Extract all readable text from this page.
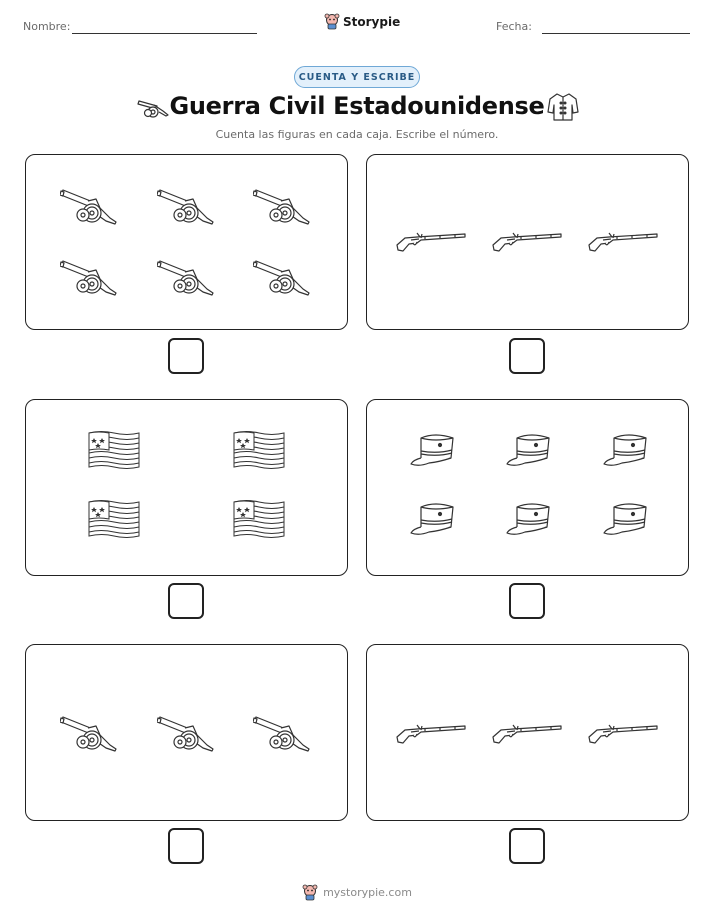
Nombre:	Storypie	Fecha:
CUENTA Y ESCRIBE
Guerra Civil Estadounidense
Cuenta las figuras en cada caja. Escribe el número.
mystorypie.com
